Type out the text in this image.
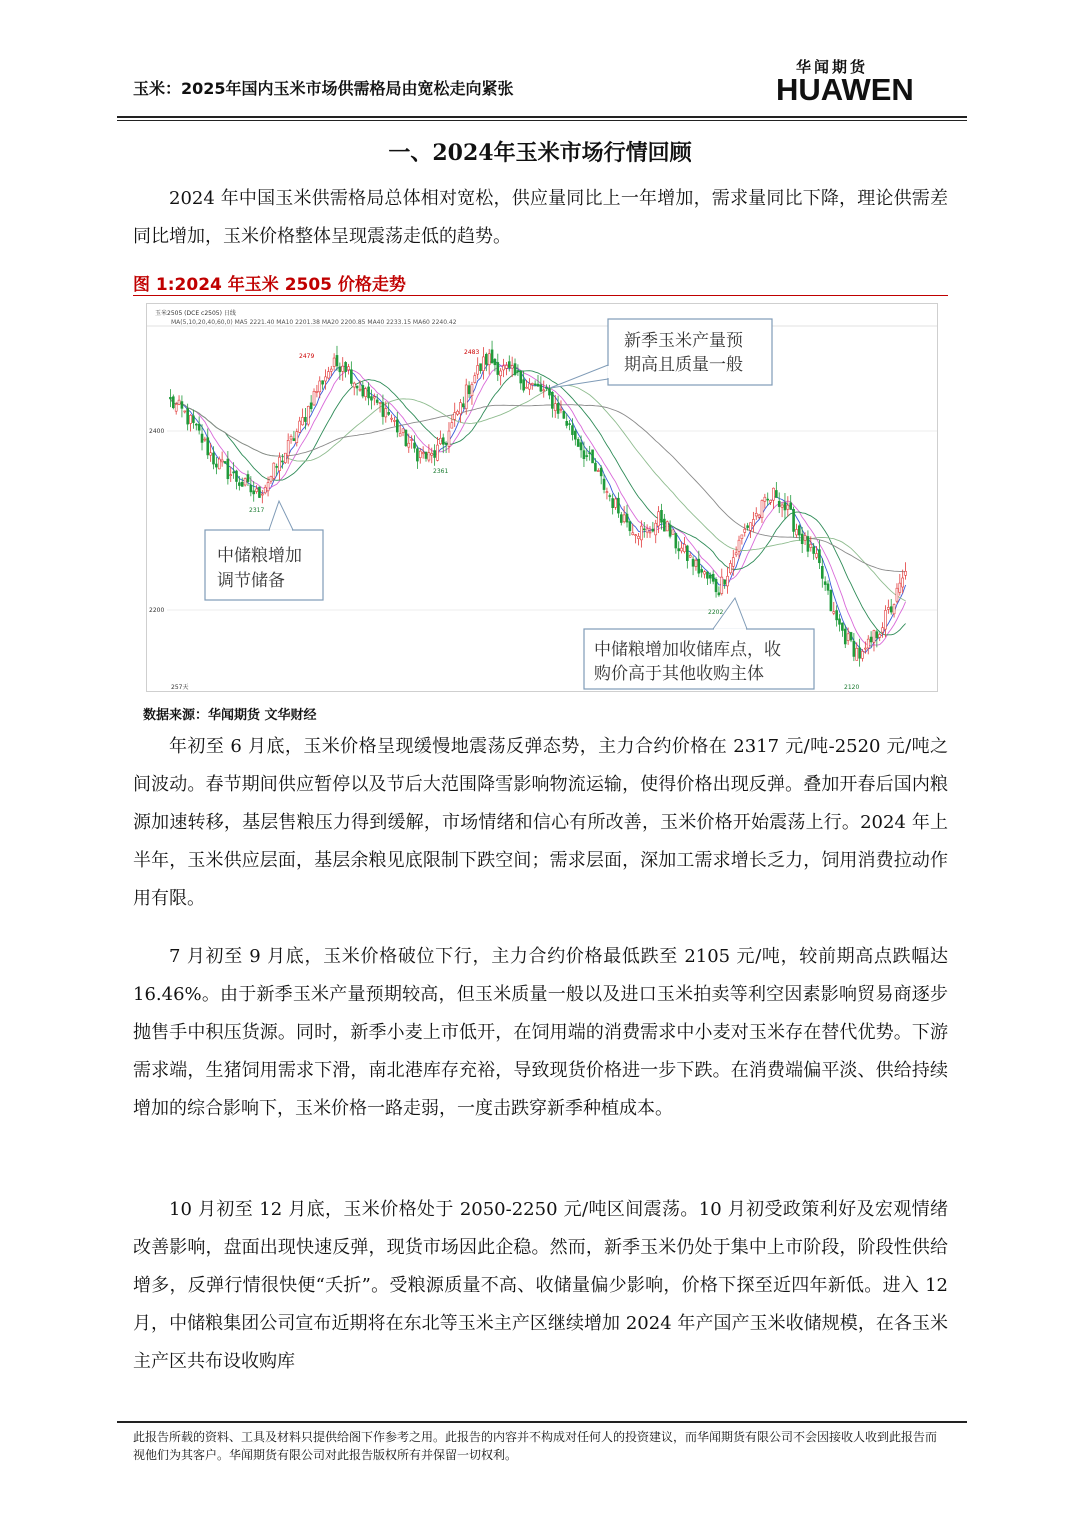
玉米：2025年国内玉米市场供需格局由宽松走向紧张
华闻期货
HUAWEN
一、2024年玉米市场行情回顾

2024 年中国玉米供需格局总体相对宽松，供应量同比上一年增加，需求量同比下降，理论供需差同比增加，玉米价格整体呈现震荡走低的趋势。

图 1:2024 年玉米 2505 价格走势
玉米2505 (DCE c2505) 日线
MA(5,10,20,40,60,0) MA5 2221.40 MA10 2201.38 MA20 2200.85 MA40 2233.15 MA60 2240.42
2400
2200
2479
2483
2317
2361
2202
2120
257天
新季玉米产量预
期高且质量一般
中储粮增加
调节储备
中储粮增加收储库点，收
购价高于其他收购主体
数据来源：华闻期货 文华财经

年初至 6 月底，玉米价格呈现缓慢地震荡反弹态势，主力合约价格在 2317 元/吨-2520 元/吨之间波动。春节期间供应暂停以及节后大范围降雪影响物流运输，使得价格出现反弹。叠加开春后国内粮源加速转移，基层售粮压力得到缓解，市场情绪和信心有所改善，玉米价格开始震荡上行。2024 年上半年，玉米供应层面，基层余粮见底限制下跌空间；需求层面，深加工需求增长乏力，饲用消费拉动作用有限。

7 月初至 9 月底，玉米价格破位下行，主力合约价格最低跌至 2105 元/吨，较前期高点跌幅达 16.46%。由于新季玉米产量预期较高，但玉米质量一般以及进口玉米拍卖等利空因素影响贸易商逐步抛售手中积压货源。同时，新季小麦上市低开，在饲用端的消费需求中小麦对玉米存在替代优势。下游需求端，生猪饲用需求下滑，南北港库存充裕，导致现货价格进一步下跌。在消费端偏平淡、供给持续增加的综合影响下，玉米价格一路走弱，一度击跌穿新季种植成本。

10 月初至 12 月底，玉米价格处于 2050-2250 元/吨区间震荡。10 月初受政策利好及宏观情绪改善影响，盘面出现快速反弹，现货市场因此企稳。然而，新季玉米仍处于集中上市阶段，阶段性供给增多，反弹行情很快便“夭折”。受粮源质量不高、收储量偏少影响，价格下探至近四年新低。进入 12 月，中储粮集团公司宣布近期将在东北等玉米主产区继续增加 2024 年产国产玉米收储规模，在各玉米主产区共布设收购库

此报告所载的资料、工具及材料只提供给阁下作参考之用。此报告的内容并不构成对任何人的投资建议，而华闻期货有限公司不会因接收人收到此报告而视他们为其客户。华闻期货有限公司对此报告版权所有并保留一切权利。
